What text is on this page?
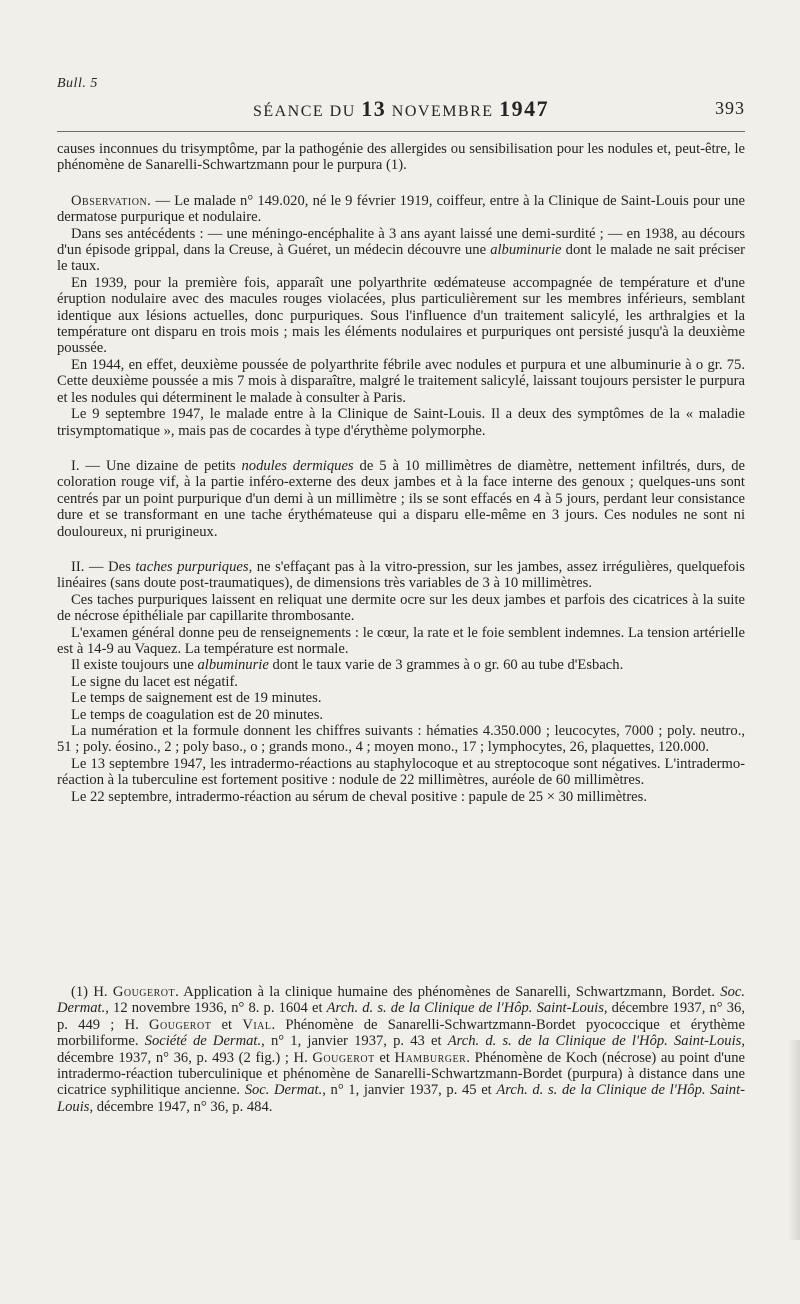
Bull. 5
SÉANCE DU 13 NOVEMBRE 1947	393

causes inconnues du trisymptôme, par la pathogénie des allergides ou sensibilisation pour les nodules et, peut-être, le phénomène de Sanarelli-Schwartzmann pour le purpura (1).

Observation. — Le malade n° 149.020, né le 9 février 1919, coiffeur, entre à la Clinique de Saint-Louis pour une dermatose purpurique et nodulaire.

Dans ses antécédents : — une méningo-encéphalite à 3 ans ayant laissé une demi-surdité ; — en 1938, au décours d'un épisode grippal, dans la Creuse, à Guéret, un médecin découvre une albuminurie dont le malade ne sait préciser le taux.

En 1939, pour la première fois, apparaît une polyarthrite œdémateuse accompagnée de température et d'une éruption nodulaire avec des macules rouges violacées, plus particulièrement sur les membres inférieurs, semblant identique aux lésions actuelles, donc purpuriques. Sous l'influence d'un traitement salicylé, les arthralgies et la température ont disparu en trois mois ; mais les éléments nodulaires et purpuriques ont persisté jusqu'à la deuxième poussée.

En 1944, en effet, deuxième poussée de polyarthrite fébrile avec nodules et purpura et une albuminurie à o gr. 75. Cette deuxième poussée a mis 7 mois à disparaître, malgré le traitement salicylé, laissant toujours persister le purpura et les nodules qui déterminent le malade à consulter à Paris.

Le 9 septembre 1947, le malade entre à la Clinique de Saint-Louis. Il a deux des symptômes de la « maladie trisymptomatique », mais pas de cocardes à type d'érythème polymorphe.

I. — Une dizaine de petits nodules dermiques de 5 à 10 millimètres de diamètre, nettement infiltrés, durs, de coloration rouge vif, à la partie inféro-externe des deux jambes et à la face interne des genoux ; quelques-uns sont centrés par un point purpurique d'un demi à un millimètre ; ils se sont effacés en 4 à 5 jours, perdant leur consistance dure et se transformant en une tache érythémateuse qui a disparu elle-même en 3 jours. Ces nodules ne sont ni douloureux, ni prurigineux.

II. — Des taches purpuriques, ne s'effaçant pas à la vitro-pression, sur les jambes, assez irrégulières, quelquefois linéaires (sans doute post-traumatiques), de dimensions très variables de 3 à 10 millimètres.

Ces taches purpuriques laissent en reliquat une dermite ocre sur les deux jambes et parfois des cicatrices à la suite de nécrose épithéliale par capillarite thrombosante.

L'examen général donne peu de renseignements : le cœur, la rate et le foie semblent indemnes. La tension artérielle est à 14-9 au Vaquez. La température est normale.

Il existe toujours une albuminurie dont le taux varie de 3 grammes à o gr. 60 au tube d'Esbach.

Le signe du lacet est négatif.

Le temps de saignement est de 19 minutes.

Le temps de coagulation est de 20 minutes.

La numération et la formule donnent les chiffres suivants : hématies 4.350.000 ; leucocytes, 7000 ; poly. neutro., 51 ; poly. éosino., 2 ; poly baso., o ; grands mono., 4 ; moyen mono., 17 ; lymphocytes, 26, plaquettes, 120.000.

Le 13 septembre 1947, les intradermo-réactions au staphylocoque et au streptocoque sont négatives. L'intradermo-réaction à la tuberculine est fortement positive : nodule de 22 millimètres, auréole de 60 millimètres.

Le 22 septembre, intradermo-réaction au sérum de cheval positive : papule de 25 × 30 millimètres.

(1) H. Gougerot. Application à la clinique humaine des phénomènes de Sanarelli, Schwartzmann, Bordet. Soc. Dermat., 12 novembre 1936, n° 8. p. 1604 et Arch. d. s. de la Clinique de l'Hôp. Saint-Louis, décembre 1937, n° 36, p. 449 ; H. Gougerot et Vial. Phénomène de Sanarelli-Schwartzmann-Bordet pyococcique et érythème morbiliforme. Société de Dermat., n° 1, janvier 1937, p. 43 et Arch. d. s. de la Clinique de l'Hôp. Saint-Louis, décembre 1937, n° 36, p. 493 (2 fig.) ; H. Gougerot et Hamburger. Phénomène de Koch (nécrose) au point d'une intradermo-réaction tuberculinique et phénomène de Sanarelli-Schwartzmann-Bordet (purpura) à distance dans une cicatrice syphilitique ancienne. Soc. Dermat., n° 1, janvier 1937, p. 45 et Arch. d. s. de la Clinique de l'Hôp. Saint-Louis, décembre 1947, n° 36, p. 484.
